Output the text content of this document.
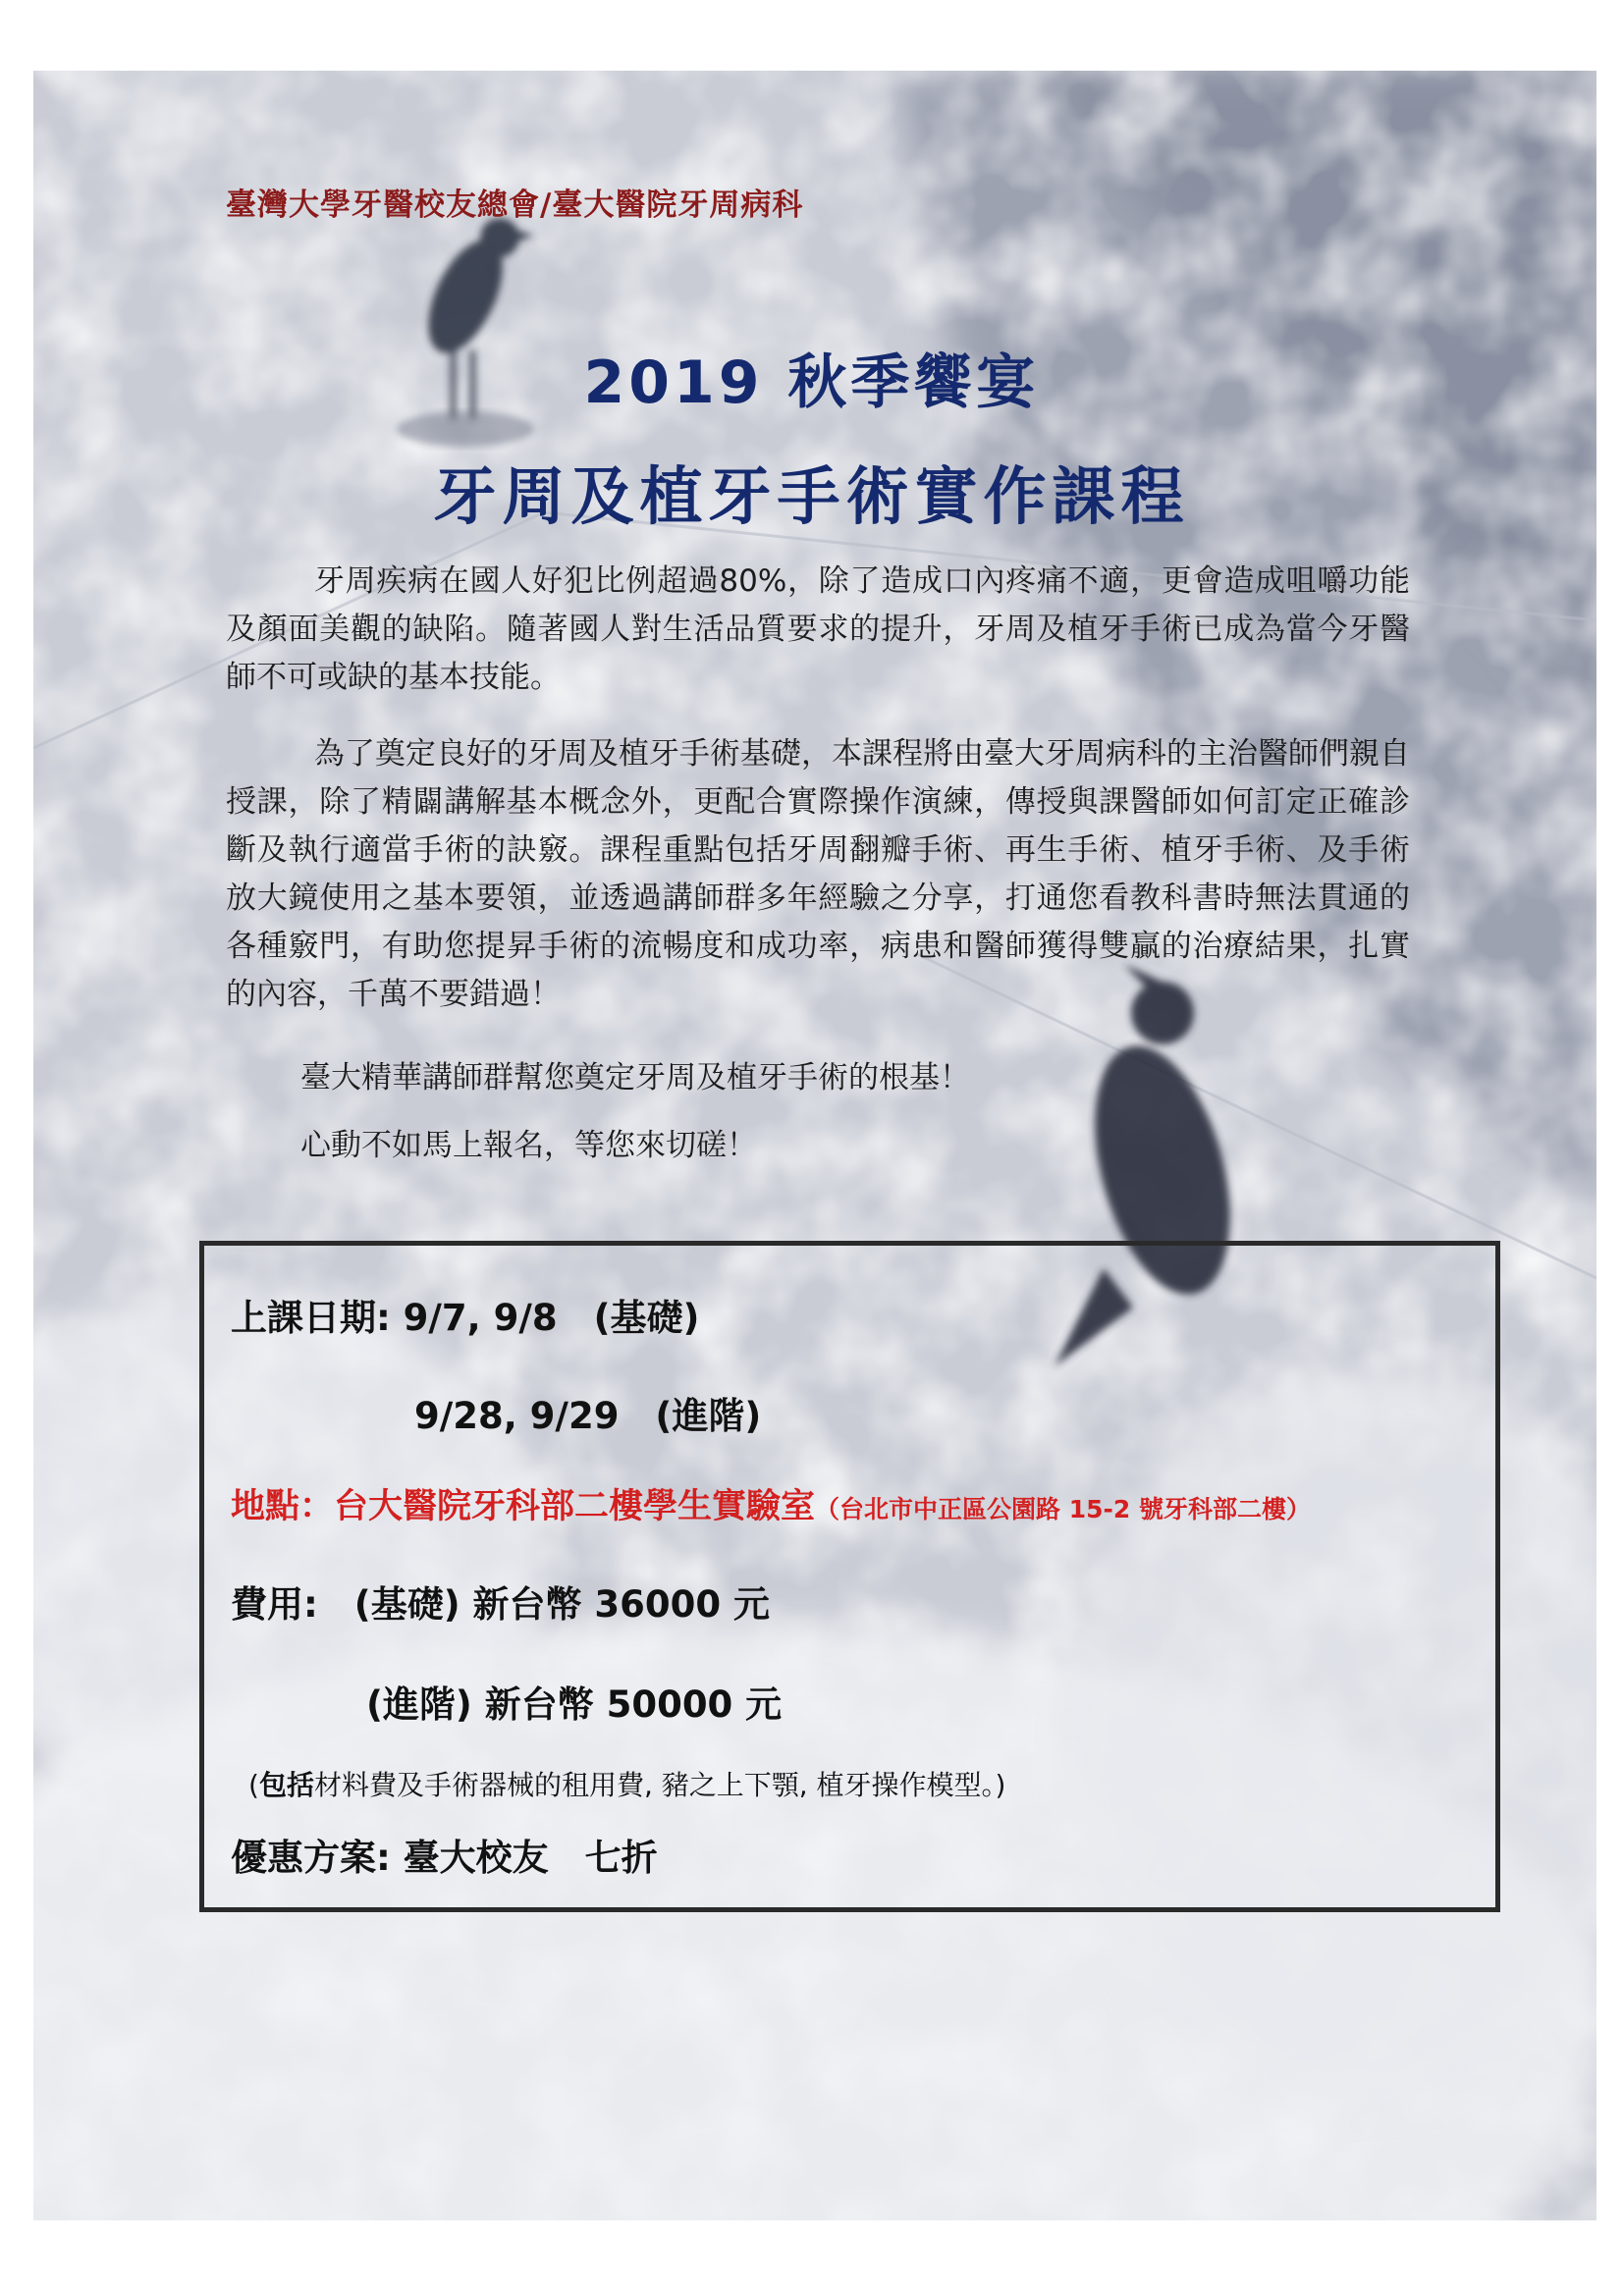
臺灣大學牙醫校友總會/臺大醫院牙周病科

2019 秋季饗宴

牙周及植牙手術實作課程

牙周疾病在國人好犯比例超過80%，除了造成口內疼痛不適，更會造成咀嚼功能及顏面美觀的缺陷。隨著國人對生活品質要求的提升，牙周及植牙手術已成為當今牙醫師不可或缺的基本技能。

為了奠定良好的牙周及植牙手術基礎，本課程將由臺大牙周病科的主治醫師們親自授課，除了精闢講解基本概念外，更配合實際操作演練，傳授與課醫師如何訂定正確診斷及執行適當手術的訣竅。課程重點包括牙周翻瓣手術、再生手術、植牙手術、及手術放大鏡使用之基本要領，並透過講師群多年經驗之分享，打通您看教科書時無法貫通的各種竅門，有助您提昇手術的流暢度和成功率，病患和醫師獲得雙贏的治療結果，扎實的內容，千萬不要錯過！

臺大精華講師群幫您奠定牙周及植牙手術的根基！

心動不如馬上報名，等您來切磋！

上課日期: 9/7, 9/8　(基礎)

9/28, 9/29　(進階)

地點：台大醫院牙科部二樓學生實驗室（台北市中正區公園路 15-2 號牙科部二樓）

費用:　(基礎) 新台幣 36000 元

(進階) 新台幣 50000 元

(包括材料費及手術器械的租用費, 豬之上下顎, 植牙操作模型。)

優惠方案: 臺大校友　七折
